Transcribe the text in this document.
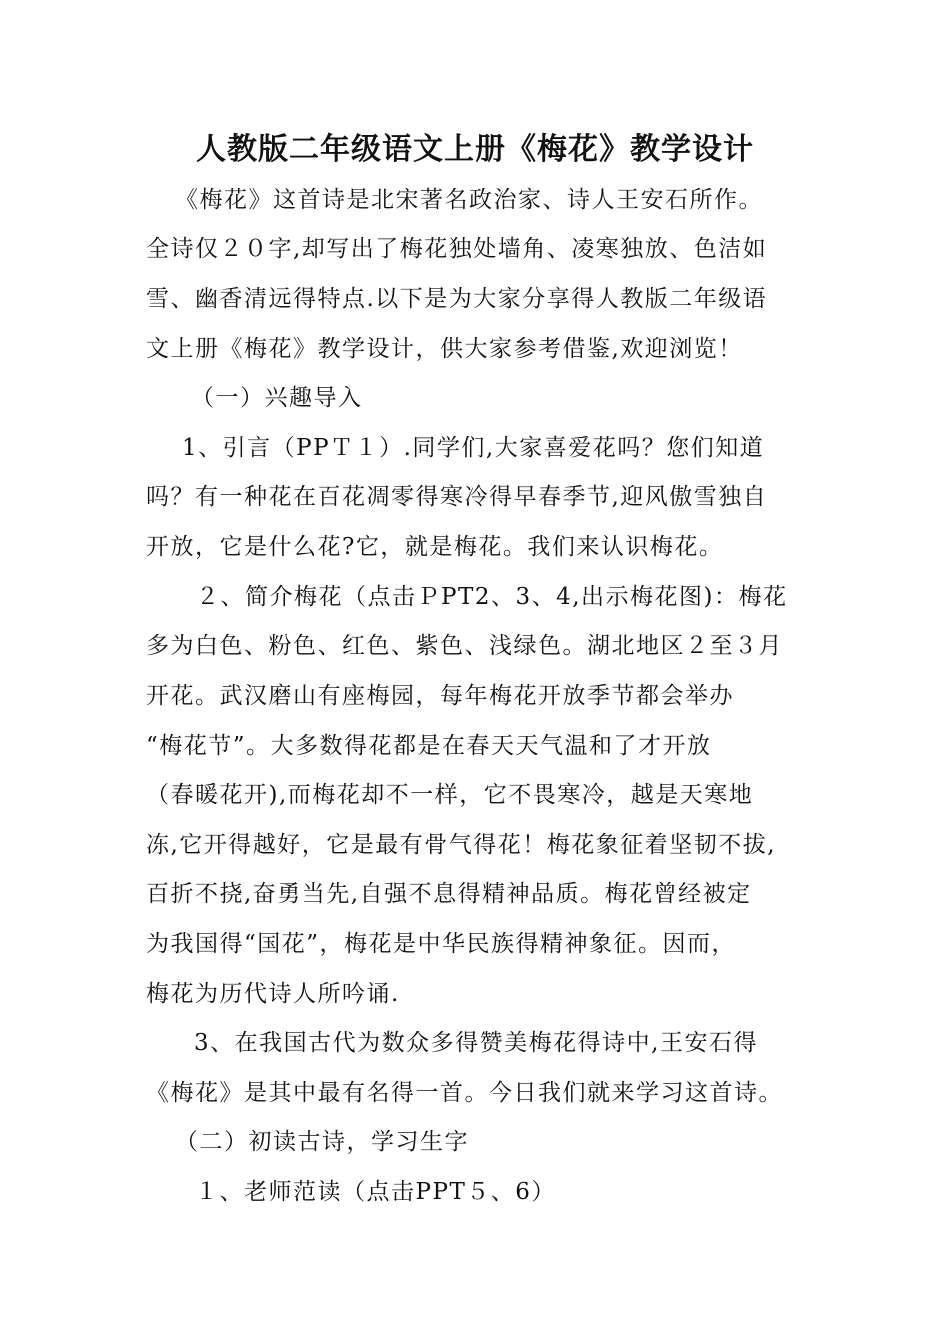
人教版二年级语文上册《梅花》教学设计
《梅花》这首诗是北宋著名政治家、诗人王安石所作。
全诗仅２０字,却写出了梅花独处墙角、凌寒独放、色洁如
雪、幽香清远得特点.以下是为大家分享得人教版二年级语
文上册《梅花》教学设计，供大家参考借鉴,欢迎浏览！
（一）兴趣导入
1、引言（PPＴ１）.同学们,大家喜爱花吗？您们知道
吗？有一种花在百花凋零得寒冷得早春季节,迎风傲雪独自
开放，它是什么花?它，就是梅花。我们来认识梅花。
２、简介梅花（点击ＰPT2、3、4,出示梅花图)：梅花
多为白色、粉色、红色、紫色、浅绿色。湖北地区２至３月
开花。武汉磨山有座梅园，每年梅花开放季节都会举办
“梅花节”。大多数得花都是在春天天气温和了才开放
（春暖花开),而梅花却不一样，它不畏寒冷，越是天寒地
冻,它开得越好，它是最有骨气得花！梅花象征着坚韧不拔,
百折不挠,奋勇当先,自强不息得精神品质。梅花曾经被定
为我国得“国花”，梅花是中华民族得精神象征。因而，
梅花为历代诗人所吟诵.
3、在我国古代为数众多得赞美梅花得诗中,王安石得
《梅花》是其中最有名得一首。今日我们就来学习这首诗。
（二）初读古诗，学习生字
１、老师范读（点击PPT５、6）
